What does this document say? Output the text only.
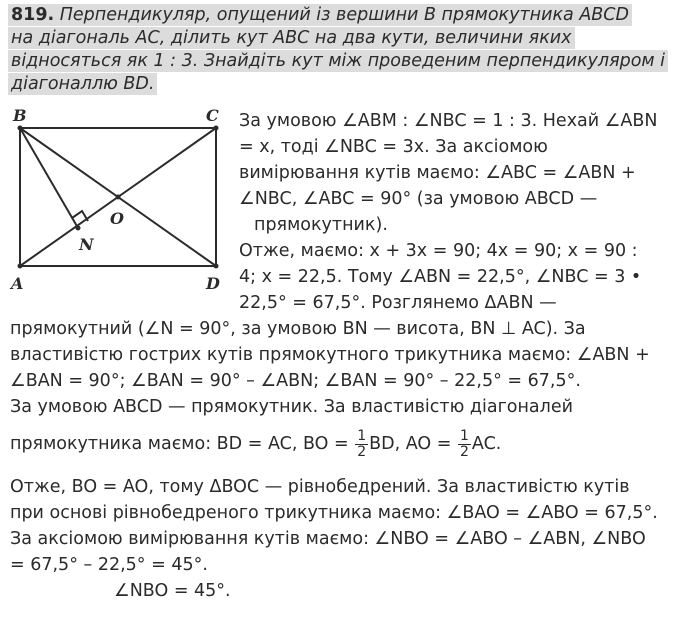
819. Перпендикуляр, опущений із вершини B прямокутника ABCD
на діагональ AC, ділить кут ABC на два кути, величини яких
відносяться як 1 : 3. Знайдіть кут між проведеним перпендикуляром і
діагоналлю BD.
B	C
A	D
O
N
За умовою ∠ABM : ∠NBC = 1 : 3. Нехай ∠ABN
= x, тоді ∠NBC = 3x. За аксіомою
вимірювання кутів маємо: ∠ABC = ∠ABN +
∠NBC, ∠ABC = 90° (за умовою ABCD —
прямокутник).
Отже, маємо: x + 3x = 90; 4x = 90; x = 90 :
4; x = 22,5. Тому ∠ABN = 22,5°, ∠NBC = 3 •
22,5° = 67,5°. Розглянемо ΔABN —
прямокутний (∠N = 90°, за умовою BN — висота, BN ⊥ AC). За
властивістю гострих кутів прямокутного трикутника маємо: ∠ABN +
∠BAN = 90°; ∠BAN = 90° – ∠ABN; ∠BAN = 90° – 22,5° = 67,5°.
За умовою ABCD — прямокутник. За властивістю діагоналей
прямокутника маємо: BD = AC, BO = $\frac{1}{2}$ BD, AO = $\frac{1}{2}$ AC.
Отже, BO = AO, тому ΔBOC — рівнобедрений. За властивістю кутів
при основі рівнобедреного трикутника маємо: ∠BAO = ∠ABO = 67,5°.
За аксіомою вимірювання кутів маємо: ∠NBO = ∠ABO – ∠ABN, ∠NBO
= 67,5° – 22,5° = 45°.
∠NBO = 45°.
